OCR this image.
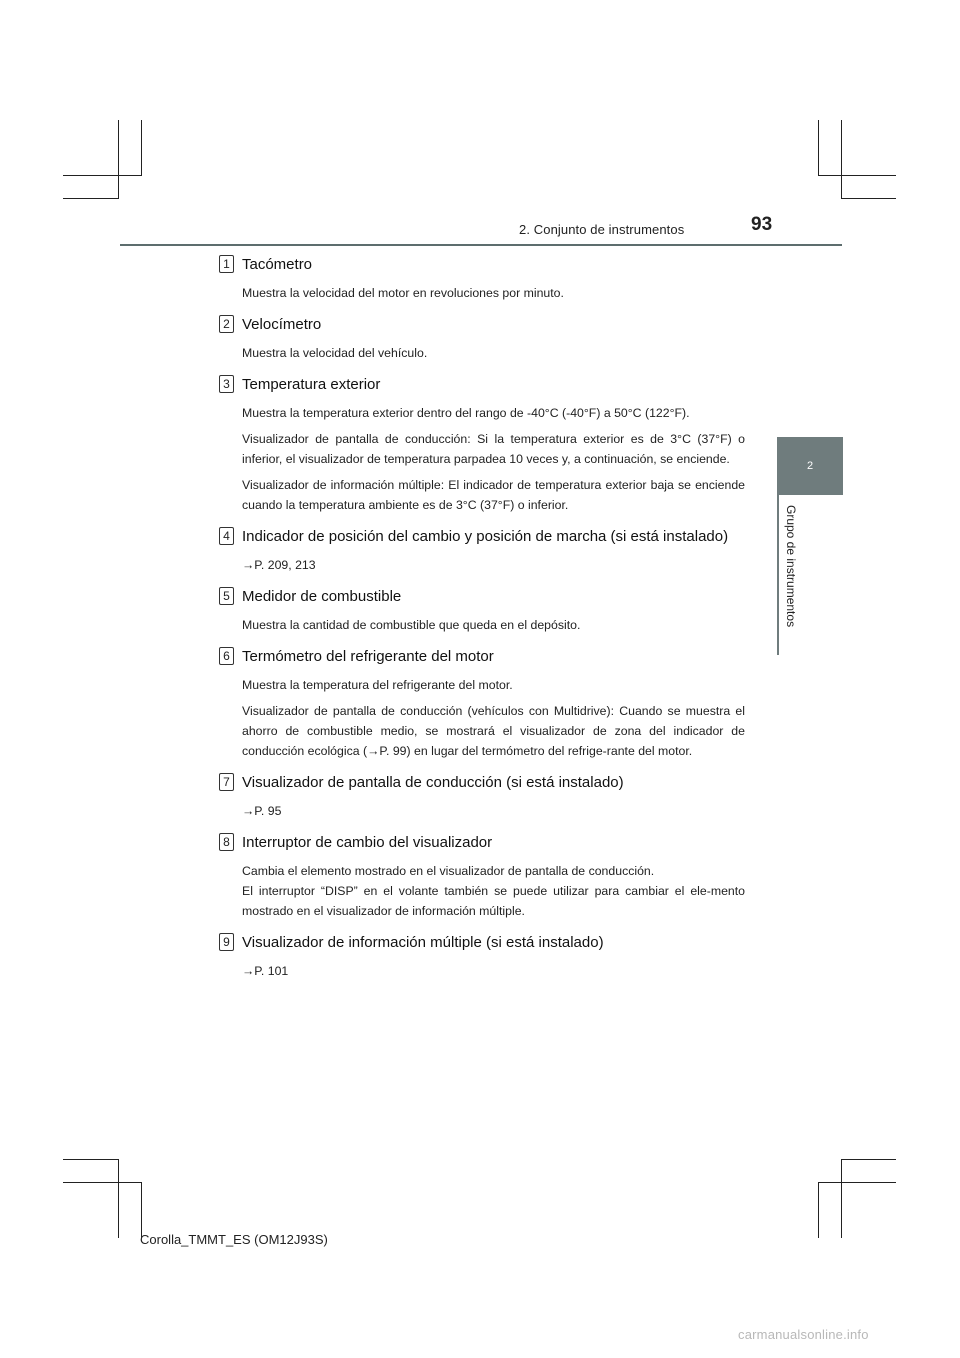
2. Conjunto de instrumentos	93
2
Grupo de instrumentos
1 Tacómetro

Muestra la velocidad del motor en revoluciones por minuto.

2 Velocímetro

Muestra la velocidad del vehículo.

3 Temperatura exterior

Muestra la temperatura exterior dentro del rango de -40°C (-40°F) a 50°C (122°F).

Visualizador de pantalla de conducción: Si la temperatura exterior es de 3°C (37°F) o inferior, el visualizador de temperatura parpadea 10 veces y, a continuación, se enciende.

Visualizador de información múltiple: El indicador de temperatura exterior baja se enciende cuando la temperatura ambiente es de 3°C (37°F) o inferior.

4 Indicador de posición del cambio y posición de marcha (si está instalado)

→P. 209, 213

5 Medidor de combustible

Muestra la cantidad de combustible que queda en el depósito.

6 Termómetro del refrigerante del motor

Muestra la temperatura del refrigerante del motor.

Visualizador de pantalla de conducción (vehículos con Multidrive): Cuando se muestra el ahorro de combustible medio, se mostrará el visualizador de zona del indicador de conducción ecológica (→P. 99) en lugar del termómetro del refrige-rante del motor.

7 Visualizador de pantalla de conducción (si está instalado)

→P. 95

8 Interruptor de cambio del visualizador

Cambia el elemento mostrado en el visualizador de pantalla de conducción.

El interruptor “DISP” en el volante también se puede utilizar para cambiar el ele-mento mostrado en el visualizador de información múltiple.

9 Visualizador de información múltiple (si está instalado)

→P. 101

Corolla_TMMT_ES (OM12J93S)
carmanualsonline.info
